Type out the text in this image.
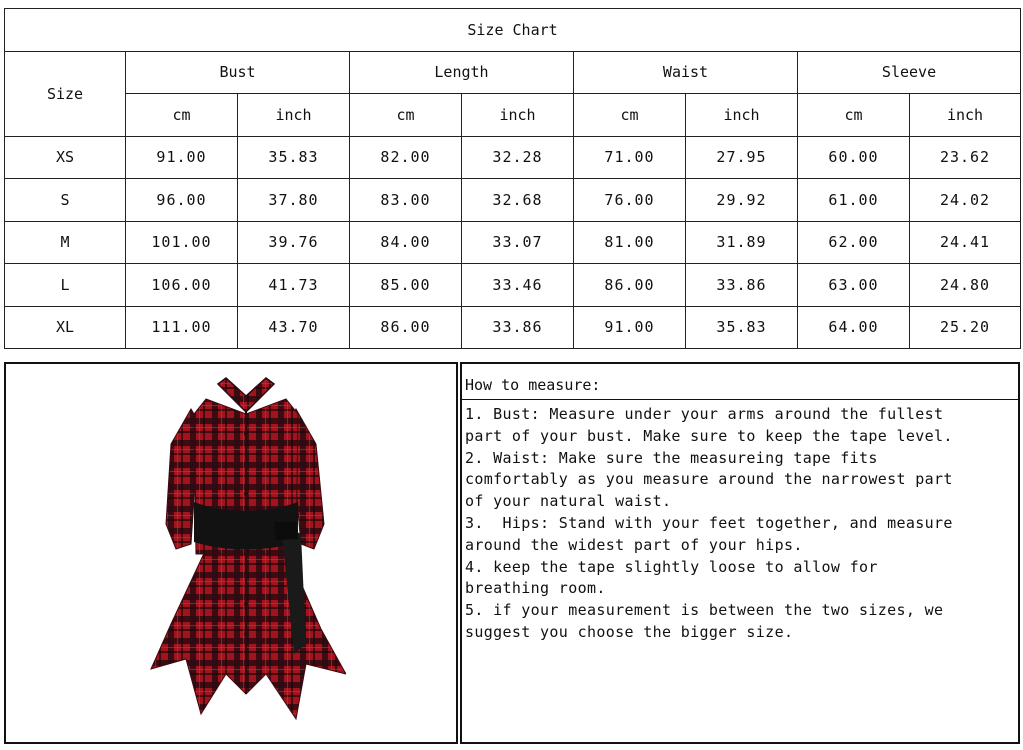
Size Chart								
Size	Bust		Length		Waist		Sleeve	
	cm	inch	cm	inch	cm	inch	cm	inch
XS	91.00	35.83	82.00	32.28	71.00	27.95	60.00	23.62
S	96.00	37.80	83.00	32.68	76.00	29.92	61.00	24.02
M	101.00	39.76	84.00	33.07	81.00	31.89	62.00	24.41
L	106.00	41.73	85.00	33.46	86.00	33.86	63.00	24.80
XL	111.00	43.70	86.00	33.86	91.00	35.83	64.00	25.20
How to measure:
1. Bust: Measure under your arms around the fullest
part of your bust. Make sure to keep the tape level.
2. Waist: Make sure the measureing tape fits
comfortably as you measure around the narrowest part
of your natural waist.
3.  Hips: Stand with your feet together, and measure
around the widest part of your hips.
4. keep the tape slightly loose to allow for
breathing room.
5. if your measurement is between the two sizes, we
suggest you choose the bigger size.
